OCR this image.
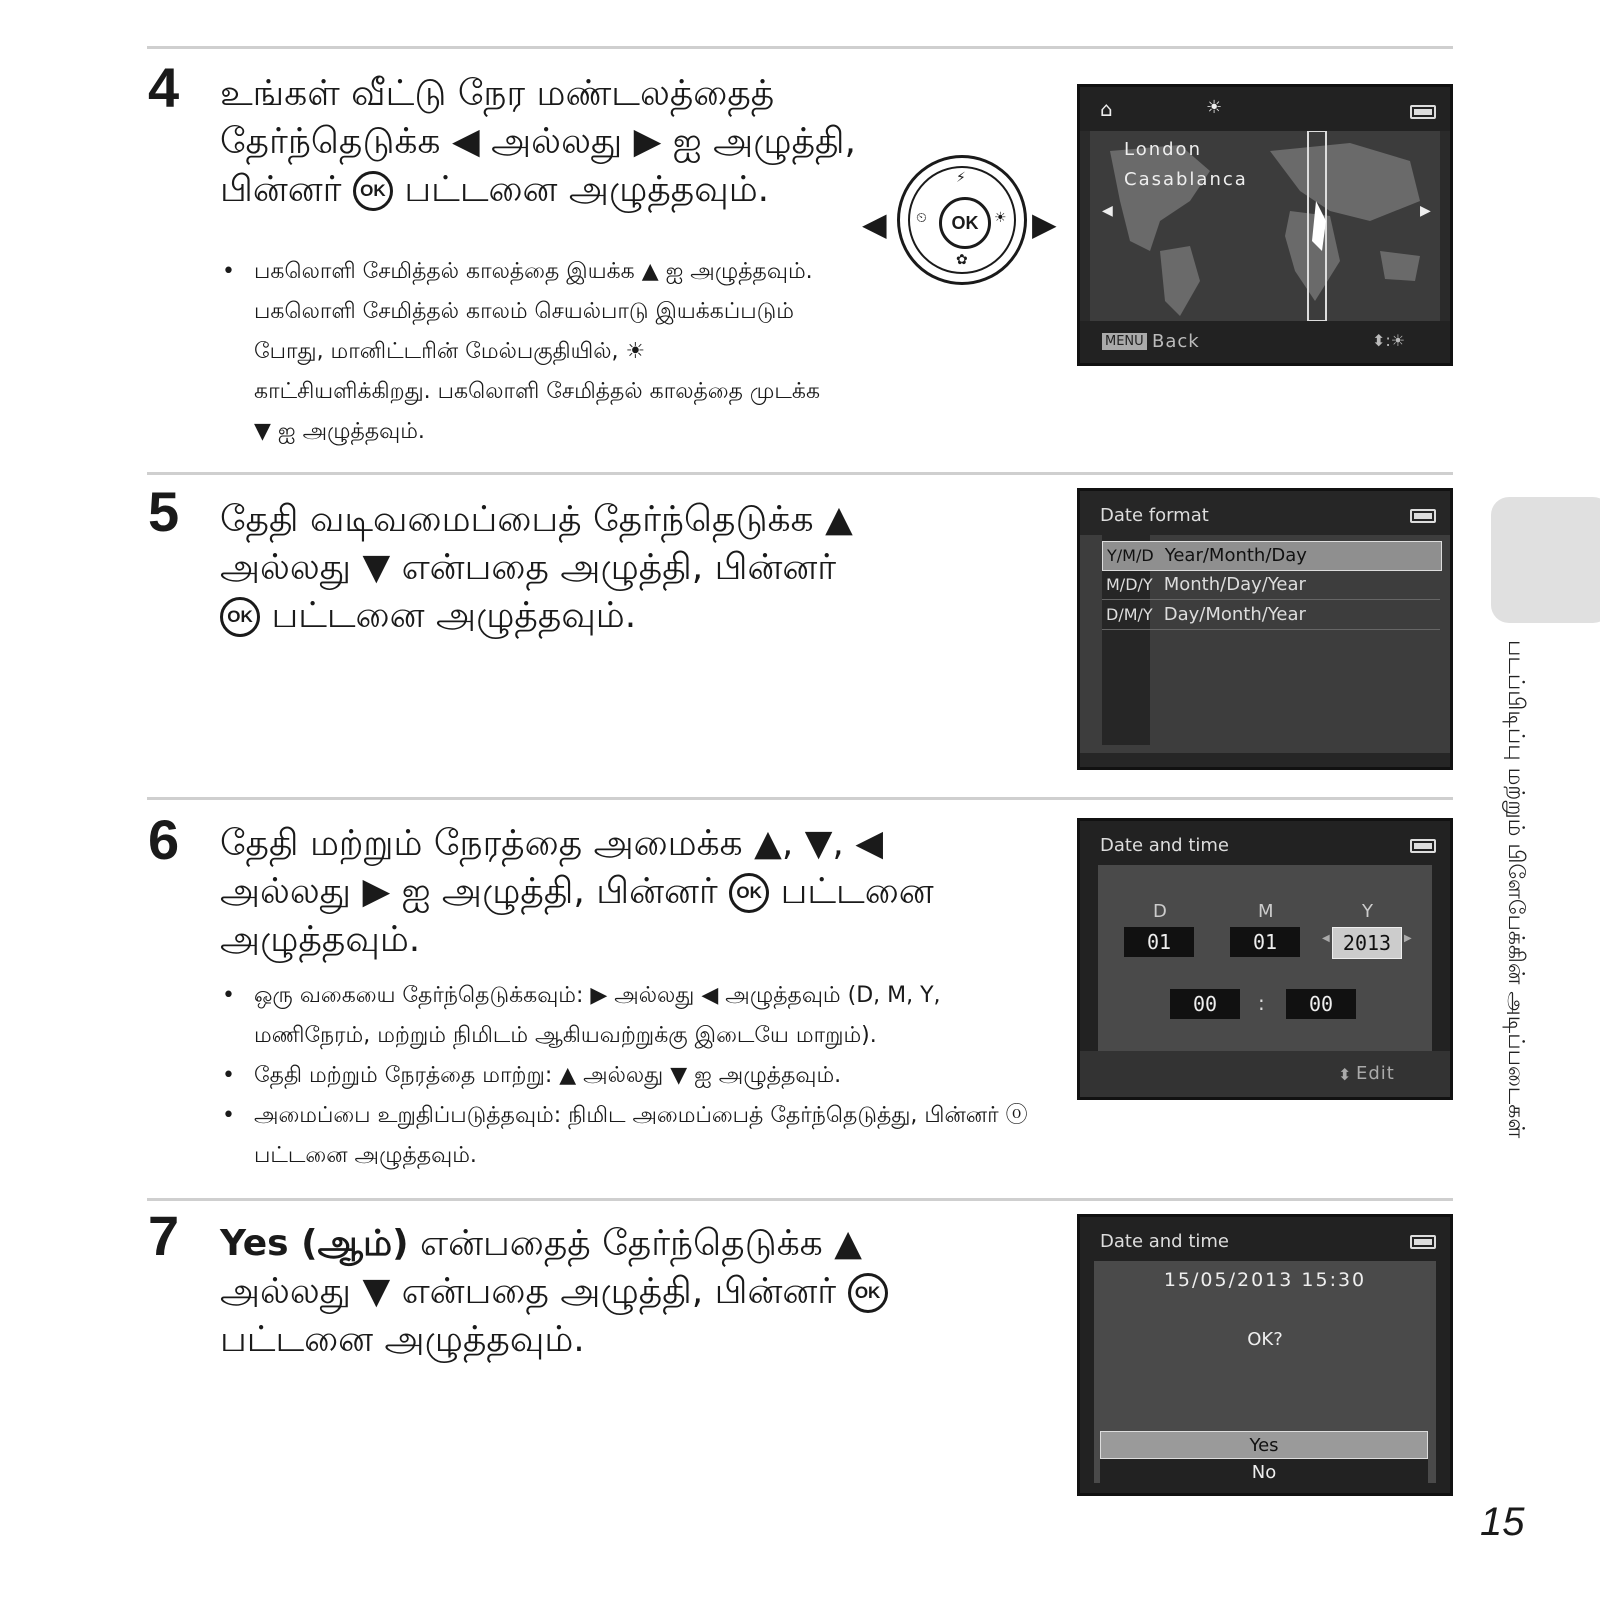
4 உங்கள் வீட்டு நேர மண்டலத்தைத் தேர்ந்தெடுக்க ◀ அல்லது ▶ ஐ அழுத்தி, பின்னர் OK பட்டனை அழுத்தவும்.
• பகலொளி சேமித்தல் காலத்தை இயக்க ▲ ஐ அழுத்தவும். பகலொளி சேமித்தல் காலம் செயல்பாடு இயக்கப்படும் போது, மானிட்டரின் மேல்பகுதியில், ☀ காட்சியளிக்கிறது. பகலொளி சேமித்தல் காலத்தை முடக்க ▼ ஐ அழுத்தவும்.
◀	▶
⚡
✿
⏲	☀
OK
⌂	☀
◀	▶
London
Casablanca
MENU Back	⬍:☀
5 தேதி வடிவமைப்பைத் தேர்ந்தெடுக்க ▲ அல்லது ▼ என்பதை அழுத்தி, பின்னர் OK பட்டனை அழுத்தவும்.
Date format
Y/M/D Year/Month/Day
M/D/Y Month/Day/Year
D/M/Y Day/Month/Year
படப்பிடிப்பு மற்றும் பிளேபேக்கின் அடிப்படைகள்
6 தேதி மற்றும் நேரத்தை அமைக்க ▲, ▼, ◀ அல்லது ▶ ஐ அழுத்தி, பின்னர் OK பட்டனை அழுத்தவும்.
• ஒரு வகையை தேர்ந்தெடுக்கவும்: ▶ அல்லது ◀ அழுத்தவும் (D, M, Y, மணிநேரம், மற்றும் நிமிடம் ஆகியவற்றுக்கு இடையே மாறும்).
• தேதி மற்றும் நேரத்தை மாற்று: ▲ அல்லது ▼ ஐ அழுத்தவும்.
• அமைப்பை உறுதிப்படுத்தவும்: நிமிட அமைப்பைத் தேர்ந்தெடுத்து, பின்னர் ⓞ பட்டனை அழுத்தவும்.
Date and time
D	M	Y
01	01	◀ 2013	▶
00	:	00
⬍ Edit
7 Yes (ஆம்) என்பதைத் தேர்ந்தெடுக்க ▲ அல்லது ▼ என்பதை அழுத்தி, பின்னர் OK பட்டனை அழுத்தவும்.
Date and time
15/05/2013 15:30
OK?
Yes
No
15
